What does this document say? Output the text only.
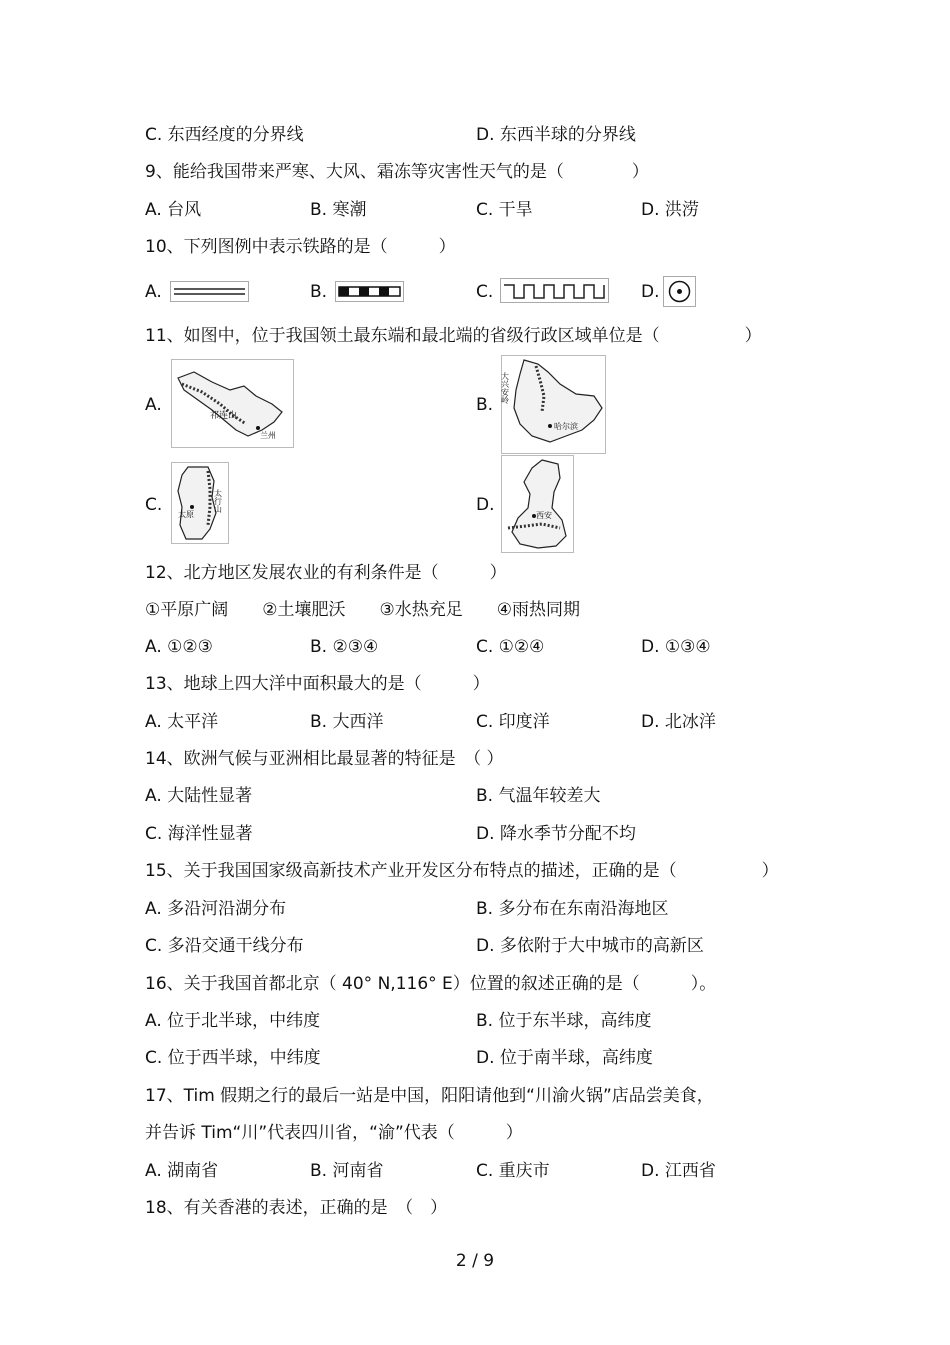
C. 东西经度的分界线	D. 东西半球的分界线
9、能给我国带来严寒、大风、霜冻等灾害性天气的是（　　　　）
A. 台风	B. 寒潮	C. 干旱	D. 洪涝
10、下列图例中表示铁路的是（　　　）
A.	B.	C.	D.
11、如图中，位于我国领土最东端和最北端的省级行政区域单位是（　　　　　）
A.
祁连山
兰州
B.
大兴安岭
哈尔滨
C.	太行山
太原	D.
西安
12、北方地区发展农业的有利条件是（　　　）
①平原广阔　　②土壤肥沃　　③水热充足　　④雨热同期
A. ①②③	B. ②③④	C. ①②④	D. ①③④
13、地球上四大洋中面积最大的是（　　　）
A. 太平洋	B. 大西洋	C. 印度洋	D. 北冰洋
14、欧洲气候与亚洲相比最显著的特征是　（ ）
A. 大陆性显著	B. 气温年较差大
C. 海洋性显著	D. 降水季节分配不均
15、关于我国国家级高新技术产业开发区分布特点的描述，正确的是（　　　　　）
A. 多沿河沿湖分布	B. 多分布在东南沿海地区
C. 多沿交通干线分布	D. 多依附于大中城市的高新区
16、关于我国首都北京（ 40° N,116° E）位置的叙述正确的是（　　　）。
A. 位于北半球，中纬度	B. 位于东半球，高纬度
C. 位于西半球，中纬度	D. 位于南半球，高纬度
17、Tim 假期之行的最后一站是中国，阳阳请他到“川渝火锅”店品尝美食，
并告诉 Tim“川”代表四川省，“渝”代表（　　　）
A. 湖南省	B. 河南省	C. 重庆市	D. 江西省
18、有关香港的表述，正确的是　（　）
2 / 9
